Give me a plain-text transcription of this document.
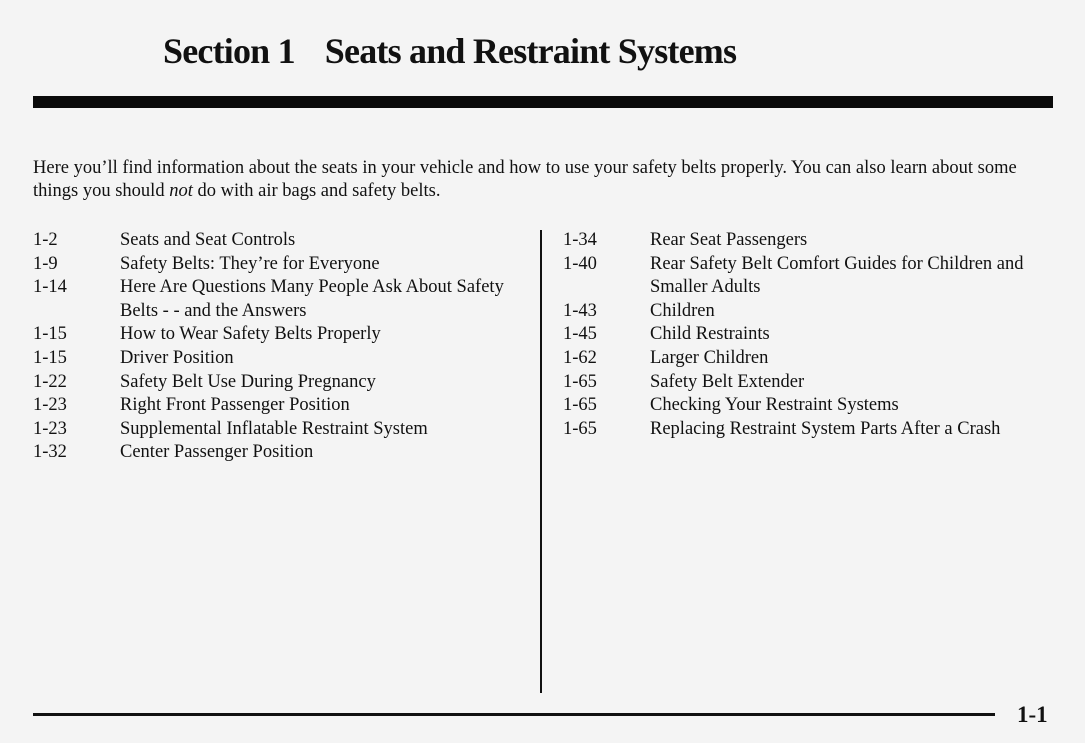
Section 1 Seats and Restraint Systems
Here you’ll find information about the seats in your vehicle and how to use your safety belts properly. You can also learn about some things you should not do with air bags and safety belts.
1-2	Seats and Seat Controls
1-9	Safety Belts: They’re for Everyone
1-14	Here Are Questions Many People Ask About Safety Belts - - and the Answers
1-15	How to Wear Safety Belts Properly
1-15	Driver Position
1-22	Safety Belt Use During Pregnancy
1-23	Right Front Passenger Position
1-23	Supplemental Inflatable Restraint System
1-32	Center Passenger Position
1-34	Rear Seat Passengers
1-40	Rear Safety Belt Comfort Guides for Children and Smaller Adults
1-43	Children
1-45	Child Restraints
1-62	Larger Children
1-65	Safety Belt Extender
1-65	Checking Your Restraint Systems
1-65	Replacing Restraint System Parts After a Crash
1-1
